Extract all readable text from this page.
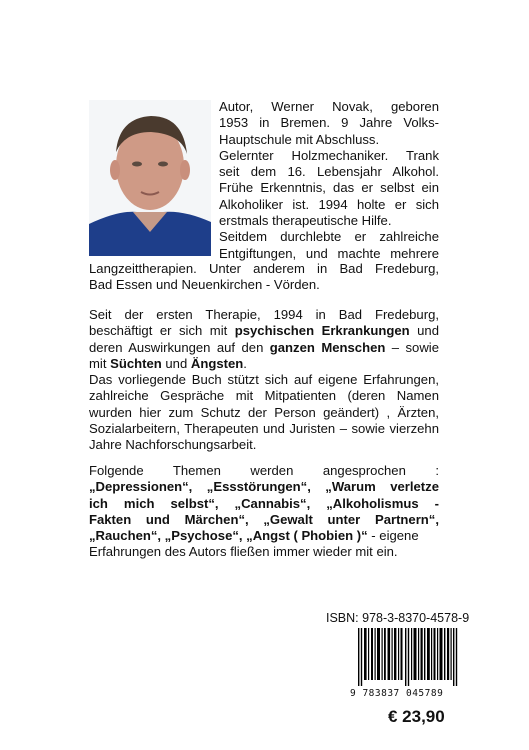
Autor, Werner Novak, geboren
1953 in Bremen. 9 Jahre Volks-
Hauptschule mit Abschluss.
Gelernter Holzmechaniker. Trank
seit dem 16. Lebensjahr Alkohol.
Frühe Erkenntnis, das er selbst ein
Alkoholiker ist. 1994 holte er sich
erstmals therapeutische Hilfe.
Seitdem durchlebte er zahlreiche
Entgiftungen, und machte mehrere
Langzeittherapien. Unter anderem in Bad Fredeburg,
Bad Essen und Neuenkirchen - Vörden.
Seit der ersten Therapie, 1994 in Bad Fredeburg, beschäftigt er sich mit psychischen Erkrankungen und deren Auswirkungen auf den ganzen Menschen – sowie mit Süchten und Ängsten.
Das vorliegende Buch stützt sich auf eigene Erfahrungen, zahlreiche Gespräche mit Mitpatienten (deren Namen wurden hier zum Schutz der Person geändert) , Ärzten, Sozialarbeitern, Therapeuten und Juristen – sowie vierzehn Jahre Nachforschungsarbeit.
Folgende Themen werden angesprochen :
„Depressionen“, „Essstörungen“, „Warum verletze
ich mich selbst“, „Cannabis“, „Alkoholismus -
Fakten und Märchen“, „Gewalt unter Partnern“,
„Rauchen“, „Psychose“, „Angst ( Phobien )“ - eigene
Erfahrungen des Autors fließen immer wieder mit ein.
ISBN: 978-3-8370-4578-9
9 783837 045789
€ 23,90
